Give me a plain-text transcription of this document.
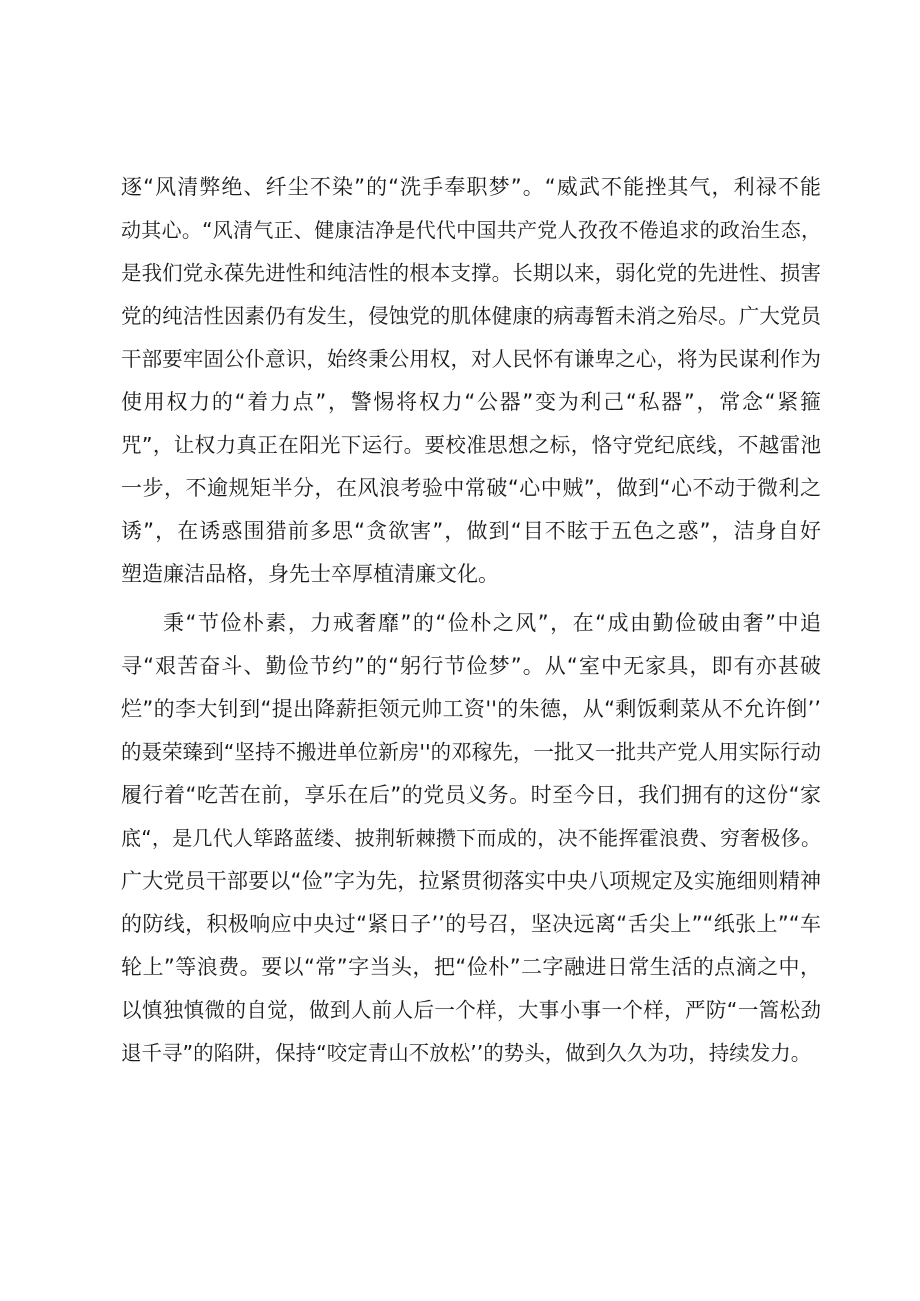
逐“风清弊绝、纤尘不染”的“洗手奉职梦”。“威武不能挫其气，利禄不能
动其心。“风清气正、健康洁净是代代中国共产党人孜孜不倦追求的政治生态，
是我们党永葆先进性和纯洁性的根本支撑。长期以来，弱化党的先进性、损害
党的纯洁性因素仍有发生，侵蚀党的肌体健康的病毒暂未消之殆尽。广大党员
干部要牢固公仆意识，始终秉公用权，对人民怀有谦卑之心，将为民谋利作为
使用权力的“着力点”，警惕将权力“公器”变为利己“私器”，常念“紧箍
咒”，让权力真正在阳光下运行。要校准思想之标，恪守党纪底线，不越雷池
一步，不逾规矩半分，在风浪考验中常破“心中贼”，做到“心不动于微利之
诱”，在诱惑围猎前多思“贪欲害”，做到“目不眩于五色之惑”，洁身自好
塑造廉洁品格，身先士卒厚植清廉文化。
秉“节俭朴素，力戒奢靡”的“俭朴之风”，在“成由勤俭破由奢”中追
寻“艰苦奋斗、勤俭节约”的“躬行节俭梦”。从“室中无家具，即有亦甚破
烂”的李大钊到“提出降薪拒领元帅工资''的朱德，从“剩饭剩菜从不允许倒’’
的聂荣臻到“坚持不搬进单位新房''的邓稼先，一批又一批共产党人用实际行动
履行着“吃苦在前，享乐在后”的党员义务。时至今日，我们拥有的这份“家
底“，是几代人筚路蓝缕、披荆斩棘攒下而成的，决不能挥霍浪费、穷奢极侈。
广大党员干部要以“俭”字为先，拉紧贯彻落实中央八项规定及实施细则精神
的防线，积极响应中央过“紧日子’’的号召，坚决远离“舌尖上”“纸张上”“车
轮上”等浪费。要以“常”字当头，把“俭朴”二字融进日常生活的点滴之中，
以慎独慎微的自觉，做到人前人后一个样，大事小事一个样，严防“一篙松劲
退千寻”的陷阱，保持“咬定青山不放松’’的势头，做到久久为功，持续发力。
